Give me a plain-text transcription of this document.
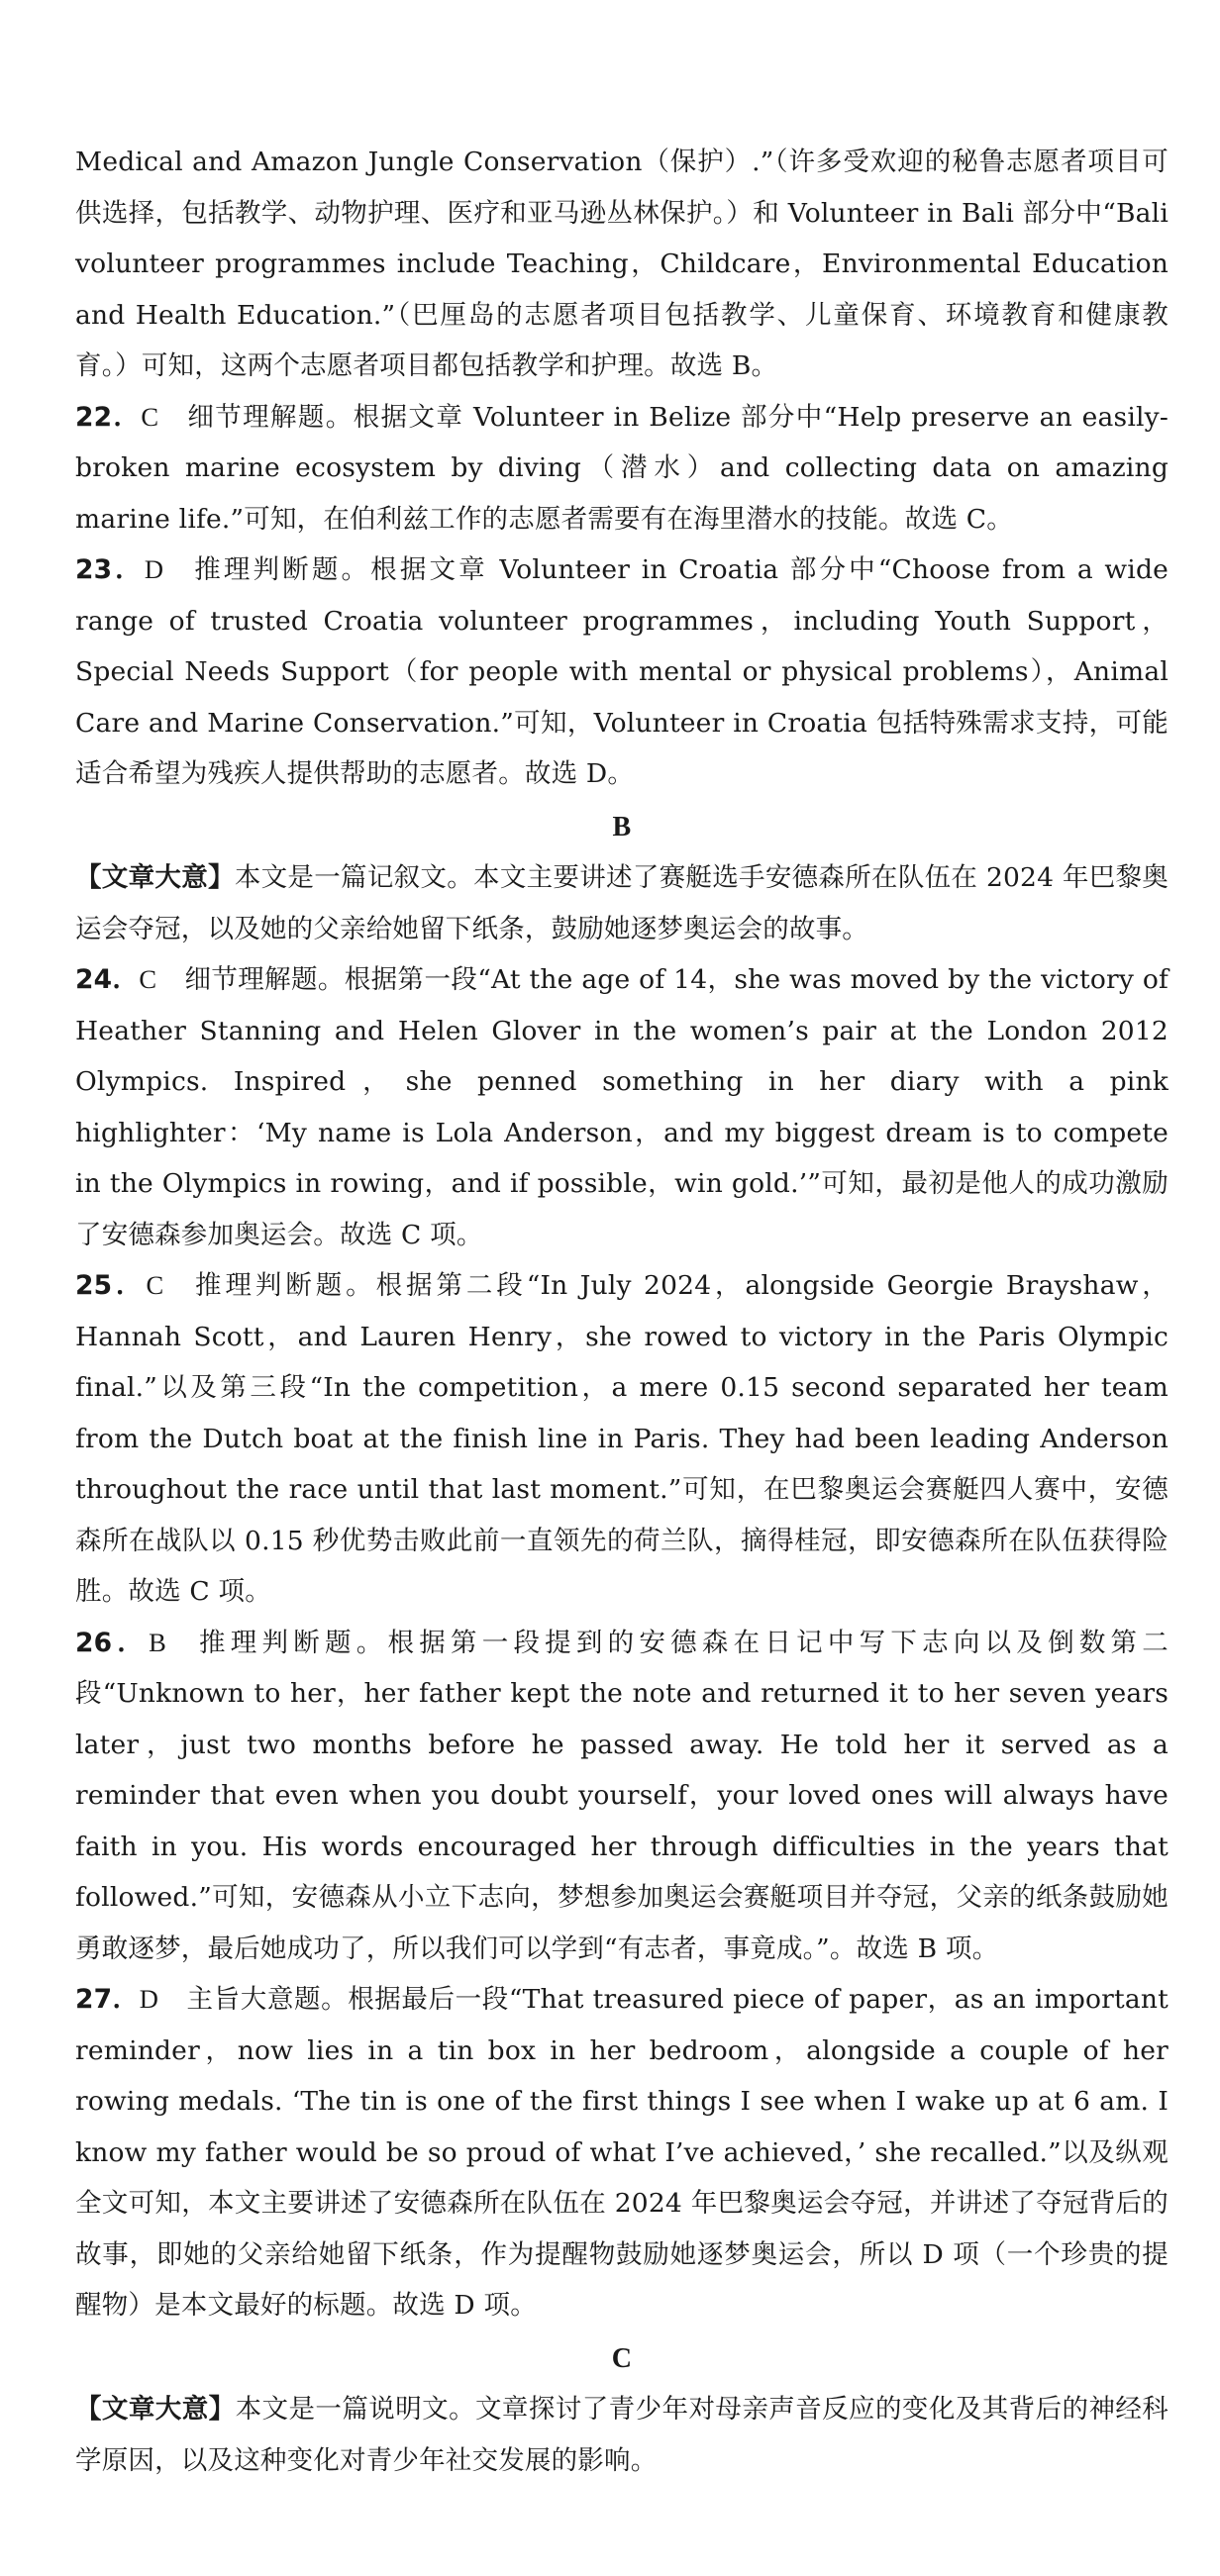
Medical and Amazon Jungle Conservation（保护）.”（许多受欢迎的秘鲁志愿者项目可供选择，包括教学、动物护理、医疗和亚马逊丛林保护。）和 Volunteer in Bali 部分中“Bali volunteer programmes include Teaching，Childcare，Environmental Education and Health Education.”（巴厘岛的志愿者项目包括教学、儿童保育、环境教育和健康教育。）可知，这两个志愿者项目都包括教学和护理。故选 B。

22．C 细节理解题。根据文章 Volunteer in Belize 部分中“Help preserve an easily-broken marine ecosystem by diving（潜水）and collecting data on amazing marine life.”可知，在伯利兹工作的志愿者需要有在海里潜水的技能。故选 C。

23．D 推理判断题。根据文章 Volunteer in Croatia 部分中“Choose from a wide range of trusted Croatia volunteer programmes，including Youth Support，Special Needs Support（for people with mental or physical problems），Animal Care and Marine Conservation.”可知，Volunteer in Croatia 包括特殊需求支持，可能适合希望为残疾人提供帮助的志愿者。故选 D。

B

【文章大意】本文是一篇记叙文。本文主要讲述了赛艇选手安德森所在队伍在 2024 年巴黎奥运会夺冠，以及她的父亲给她留下纸条，鼓励她逐梦奥运会的故事。

24．C 细节理解题。根据第一段“At the age of 14，she was moved by the victory of Heather Stanning and Helen Glover in the women’s pair at the London 2012 Olympics. Inspired，she penned something in her diary with a pink highlighter：‘My name is Lola Anderson，and my biggest dream is to compete in the Olympics in rowing，and if possible，win gold.’”可知，最初是他人的成功激励了安德森参加奥运会。故选 C 项。

25．C 推理判断题。根据第二段“In July 2024，alongside Georgie Brayshaw，Hannah Scott，and Lauren Henry，she rowed to victory in the Paris Olympic final.”以及第三段“In the competition，a mere 0.15 second separated her team from the Dutch boat at the finish line in Paris. They had been leading Anderson throughout the race until that last moment.”可知，在巴黎奥运会赛艇四人赛中，安德森所在战队以 0.15 秒优势击败此前一直领先的荷兰队，摘得桂冠，即安德森所在队伍获得险胜。故选 C 项。

26．B 推理判断题。根据第一段提到的安德森在日记中写下志向以及倒数第二段“Unknown to her，her father kept the note and returned it to her seven years later，just two months before he passed away. He told her it served as a reminder that even when you doubt yourself，your loved ones will always have faith in you. His words encouraged her through difficulties in the years that followed.”可知，安德森从小立下志向，梦想参加奥运会赛艇项目并夺冠，父亲的纸条鼓励她勇敢逐梦，最后她成功了，所以我们可以学到“有志者，事竟成。”。故选 B 项。

27．D 主旨大意题。根据最后一段“That treasured piece of paper，as an important reminder，now lies in a tin box in her bedroom，alongside a couple of her rowing medals. ‘The tin is one of the first things I see when I wake up at 6 am. I know my father would be so proud of what I’ve achieved，’ she recalled.”以及纵观全文可知，本文主要讲述了安德森所在队伍在 2024 年巴黎奥运会夺冠，并讲述了夺冠背后的故事，即她的父亲给她留下纸条，作为提醒物鼓励她逐梦奥运会，所以 D 项（一个珍贵的提醒物）是本文最好的标题。故选 D 项。

C

【文章大意】本文是一篇说明文。文章探讨了青少年对母亲声音反应的变化及其背后的神经科学原因，以及这种变化对青少年社交发展的影响。
